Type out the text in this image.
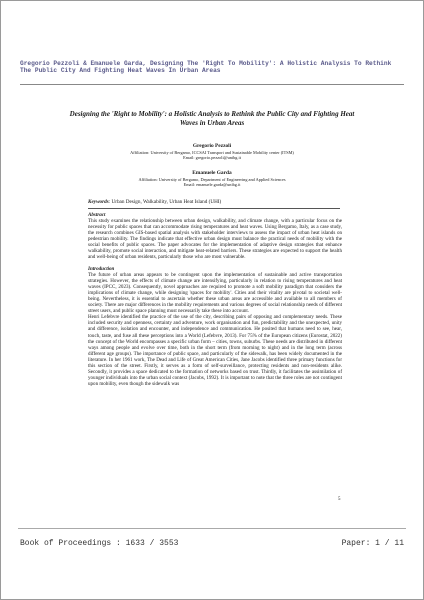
Gregorio Pezzoli & Emanuele Garda, Designing The 'Right To Mobility': A Holistic Analysis To Rethink The Public City And Fighting Heat Waves In Urban Areas
Designing the 'Right to Mobility': a Holistic Analysis to Rethink the Public City and Fighting Heat Waves in Urban Areas
Gregorio Pezzoli
Affiliation: University of Bergamo, ICCSAI Transport and Sustainable Mobility center (ITSM)
Email: gregorio.pezzoli@unibg.it
Emanuele Garda
Affiliation: University of Bergamo, Department of Engineering and Applied Sciences
Email: emanuele.garda@unibg.it
Keywords: Urban Design, Walkability, Urban Heat Island (UHI)
Abstract

This study examines the relationship between urban design, walkability, and climate change, with a particular focus on the necessity for public spaces that can accommodate rising temperatures and heat waves. Using Bergamo, Italy, as a case study, the research combines GIS-based spatial analysis with stakeholder interviews to assess the impact of urban heat islands on pedestrian mobility. The findings indicate that effective urban design must balance the practical needs of mobility with the social benefits of public spaces. The paper advocates for the implementation of adaptive design strategies that enhance walkability, promote social interaction, and mitigate heat-related barriers. These strategies are expected to support the health and well-being of urban residents, particularly those who are most vulnerable.

Introduction

The future of urban areas appears to be contingent upon the implementation of sustainable and active transportation strategies. However, the effects of climate change are intensifying, particularly in relation to rising temperatures and heat waves (IPCC, 2023). Consequently, novel approaches are required to promote a soft mobility paradigm that considers the implications of climate change, while designing 'spaces for mobility'. Cities and their vitality are pivotal to societal well-being. Nevertheless, it is essential to ascertain whether these urban areas are accessible and available to all members of society. There are major differences in the mobility requirements and various degrees of social relationship needs of different street users, and public space planning must necessarily take these into account.

Henri Lefebvre identified the practice of the use of the city, describing pairs of opposing and complementary needs. These included security and openness, certainty and adventure, work organisation and fun, predictability and the unexpected, unity and difference, isolation and encounter, and independence and communication. He posited that humans need to see, hear, touch, taste, and fuse all these perceptions into a World (Lefebvre, 2013). For 75% of the European citizens (Eurostat, 2022) the concept of the World encompasses a specific urban form – cities, towns, suburbs. These needs are distributed in different ways among people and evolve over time, both in the short term (from morning to night) and in the long term (across different age groups). The importance of public space, and particularly of the sidewalk, has been widely documented in the literature. In her 1961 work, The Dead and Life of Great American Cities, Jane Jacobs identified three primary functions for this section of the street. Firstly, it serves as a form of self-surveillance, protecting residents and non-residents alike. Secondly, it provides a space dedicated to the formation of networks based on trust. Thirdly, it facilitates the assimilation of younger individuals into the urban social context (Jacobs, 1992). It is important to note that the three roles are not contingent upon mobility, even though the sidewalk was

5
Book of Proceedings : 1633 / 3553	Paper: 1 / 11
